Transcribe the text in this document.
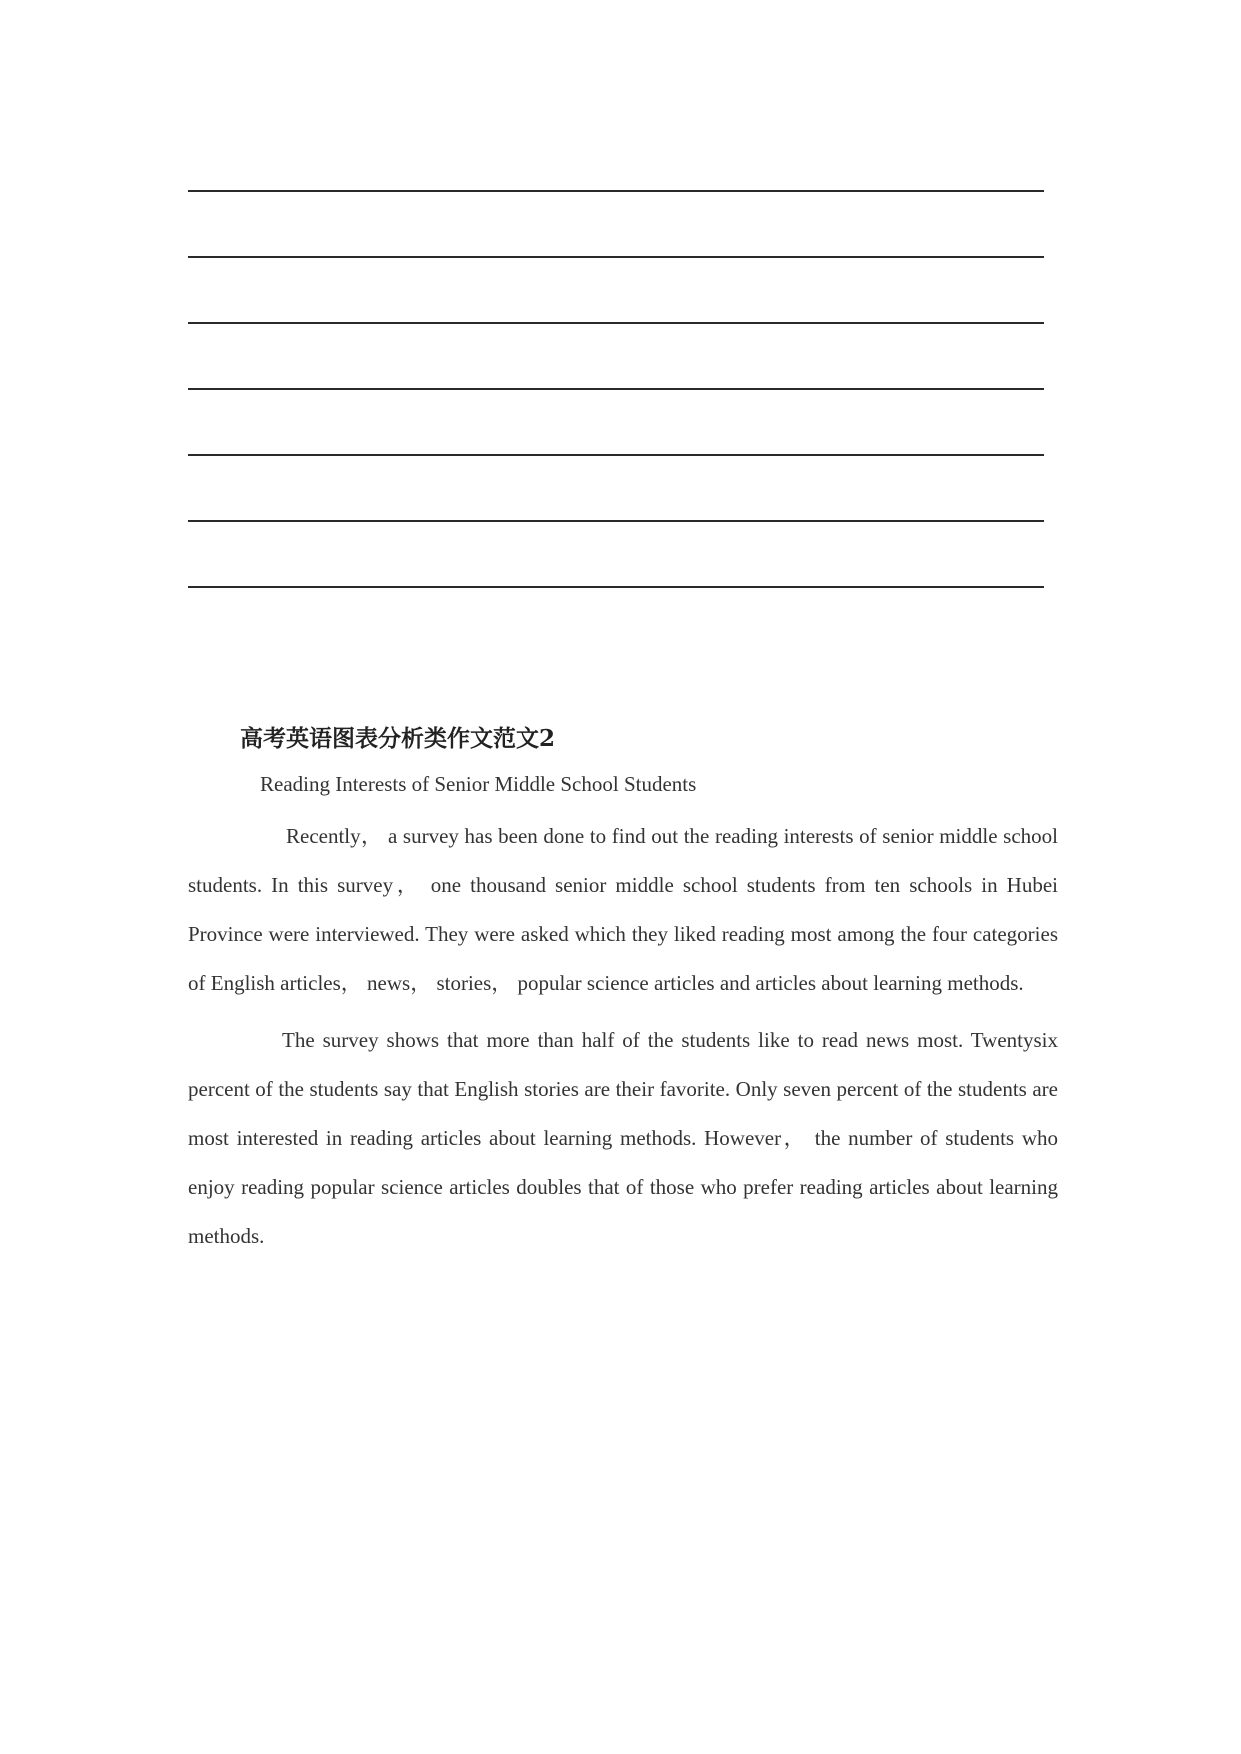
高考英语图表分析类作文范文2
Reading Interests of Senior Middle School Students

Recently， a survey has been done to find out the reading interests of senior middle school students. In this survey， one thousand senior middle school students from ten schools in Hubei Province were interviewed. They were asked which they liked reading most among the four categories of English articles， news， stories， popular science articles and articles about learning methods.

The survey shows that more than half of the students like to read news most. Twentysix percent of the students say that English stories are their favorite. Only seven percent of the students are most interested in reading articles about learning methods. However， the number of students who enjoy reading popular science articles doubles that of those who prefer reading articles about learning methods.
